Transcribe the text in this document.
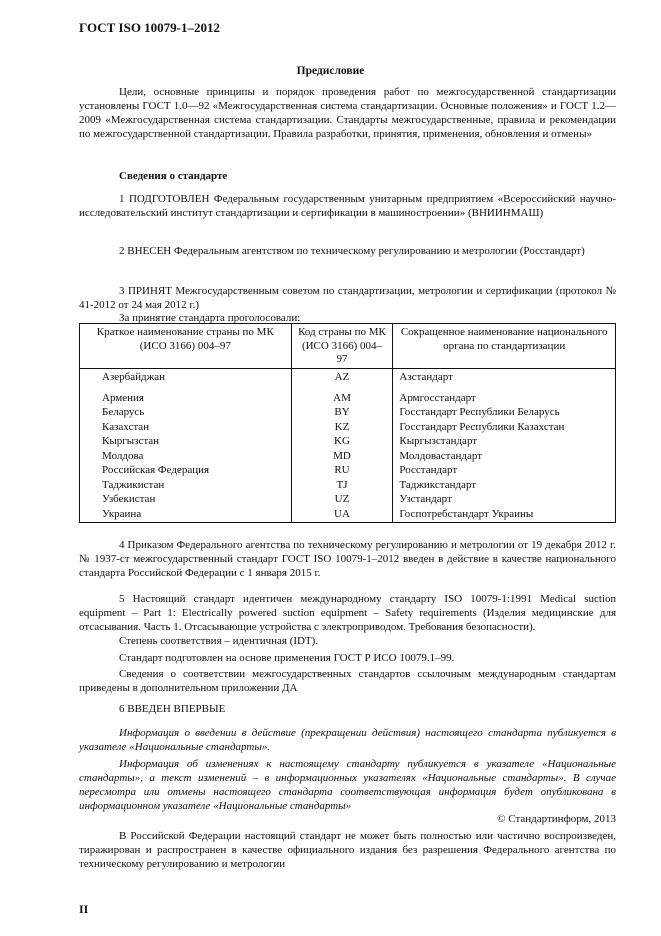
ГОСТ ISO 10079-1–2012
Предисловие
Цели, основные принципы и порядок проведения работ по межгосударственной стандартизации установлены ГОСТ 1.0—92 «Межгосударственная система стандартизации. Основные положения» и ГОСТ 1.2—2009 «Межгосударственная система стандартизации. Стандарты межгосударственные, правила и рекомендации по межгосударственной стандартизации. Правила разработки, принятия, применения, обновления и отмены»
Сведения о стандарте
1 ПОДГОТОВЛЕН Федеральным государственным унитарным предприятием «Всероссийский научно-исследовательский институт стандартизации и сертификации в машиностроении» (ВНИИНМАШ)
2 ВНЕСЕН Федеральным агентством по техническому регулированию и метрологии (Росстандарт)
3 ПРИНЯТ Межгосударственным советом по стандартизации, метрологии и сертификации (протокол № 41-2012 от 24 мая 2012 г.)
За принятие стандарта проголосовали:
Краткое наименование страны по МК (ИСО 3166) 004–97	Код страны по МК (ИСО 3166) 004–97	Сокращенное наименование национального органа по стандартизации
Азербайджан	AZ	Азстандарт
Армения	AM	Армгосстандарт
Беларусь	BY	Госстандарт Республики Беларусь
Казахстан	KZ	Госстандарт Республики Казахстан
Кыргызстан	KG	Кыргызстандарт
Молдова	MD	Молдовастандарт
Российская Федерация	RU	Росстандарт
Таджикистан	TJ	Таджикстандарт
Узбекистан	UZ	Узстандарт
Украина	UA	Госпотребстандарт Украины
4 Приказом Федерального агентства по техническому регулированию и метрологии от 19 декабря 2012 г. № 1937-ст межгосударственный стандарт ГОСТ ISO 10079-1–2012 введен в действие в качестве национального стандарта Российской Федерации с 1 января 2015 г.
5 Настоящий стандарт идентичен международному стандарту ISO 10079-1:1991 Medical suction equipment – Part 1: Electrically powered suction equipment – Safety requirements (Изделия медицинские для отсасывания. Часть 1. Отсасывающие устройства с электроприводом. Требования безопасности).
Степень соответствия – идентичная (IDT).
Стандарт подготовлен на основе применения ГОСТ Р ИСО 10079.1–99.
Сведения о соответствии межгосударственных стандартов ссылочным международным стандартам приведены в дополнительном приложении ДА
6 ВВЕДЕН ВПЕРВЫЕ
Информация о введении в действие (прекращении действия) настоящего стандарта публикуется в указателе «Национальные стандарты».
Информация об изменениях к настоящему стандарту публикуется в указателе «Национальные стандарты», а текст изменений – в информационных указателях «Национальные стандарты». В случае пересмотра или отмены настоящего стандарта соответствующая информация будет опубликована в информационном указателе «Национальные стандарты»
© Стандартинформ, 2013
В Российской Федерации настоящий стандарт не может быть полностью или частично воспроизведен, тиражирован и распространен в качестве официального издания без разрешения Федерального агентства по техническому регулированию и метрологии
II
